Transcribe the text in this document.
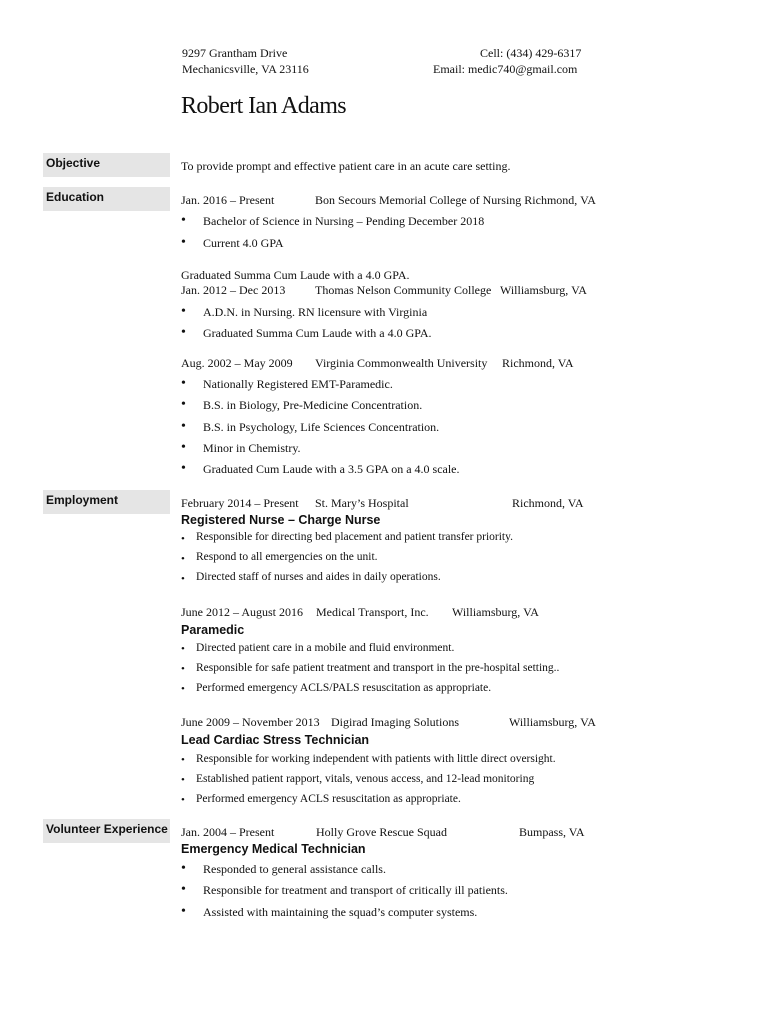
9297 Grantham Drive
Mechanicsville, VA 23116
Cell: (434) 429-6317
Email: medic740@gmail.com
Robert Ian Adams
Objective	To provide prompt and effective patient care in an acute care setting.
Education	Jan. 2016 – Present	Bon Secours Memorial College of Nursing Richmond, VA
• Bachelor of Science in Nursing – Pending December 2018
• Current 4.0 GPA
Graduated Summa Cum Laude with a 4.0 GPA.
Jan. 2012 – Dec 2013 Thomas Nelson Community College Williamsburg, VA
• A.D.N. in Nursing. RN licensure with Virginia
• Graduated Summa Cum Laude with a 4.0 GPA.
Aug. 2002 – May 2009 Virginia Commonwealth University Richmond, VA
• Nationally Registered EMT-Paramedic.
• B.S. in Biology, Pre-Medicine Concentration.
• B.S. in Psychology, Life Sciences Concentration.
• Minor in Chemistry.
• Graduated Cum Laude with a 3.5 GPA on a 4.0 scale.
Employment	February 2014 – Present St. Mary’s Hospital	Richmond, VA
Registered Nurse – Charge Nurse
• Responsible for directing bed placement and patient transfer priority.
• Respond to all emergencies on the unit.
• Directed staff of nurses and aides in daily operations.
June 2012 – August 2016 Medical Transport, Inc. Williamsburg, VA
Paramedic
• Directed patient care in a mobile and fluid environment.
• Responsible for safe patient treatment and transport in the pre-hospital setting..
• Performed emergency ACLS/PALS resuscitation as appropriate.
June 2009 – November 2013 Digirad Imaging Solutions	Williamsburg, VA
Lead Cardiac Stress Technician
• Responsible for working independent with patients with little direct oversight.
• Established patient rapport, vitals, venous access, and 12-lead monitoring
• Performed emergency ACLS resuscitation as appropriate.
Volunteer Experience Jan. 2004 – Present	Holly Grove Rescue Squad	Bumpass, VA
Emergency Medical Technician
• Responded to general assistance calls.
• Responsible for treatment and transport of critically ill patients.
• Assisted with maintaining the squad’s computer systems.
